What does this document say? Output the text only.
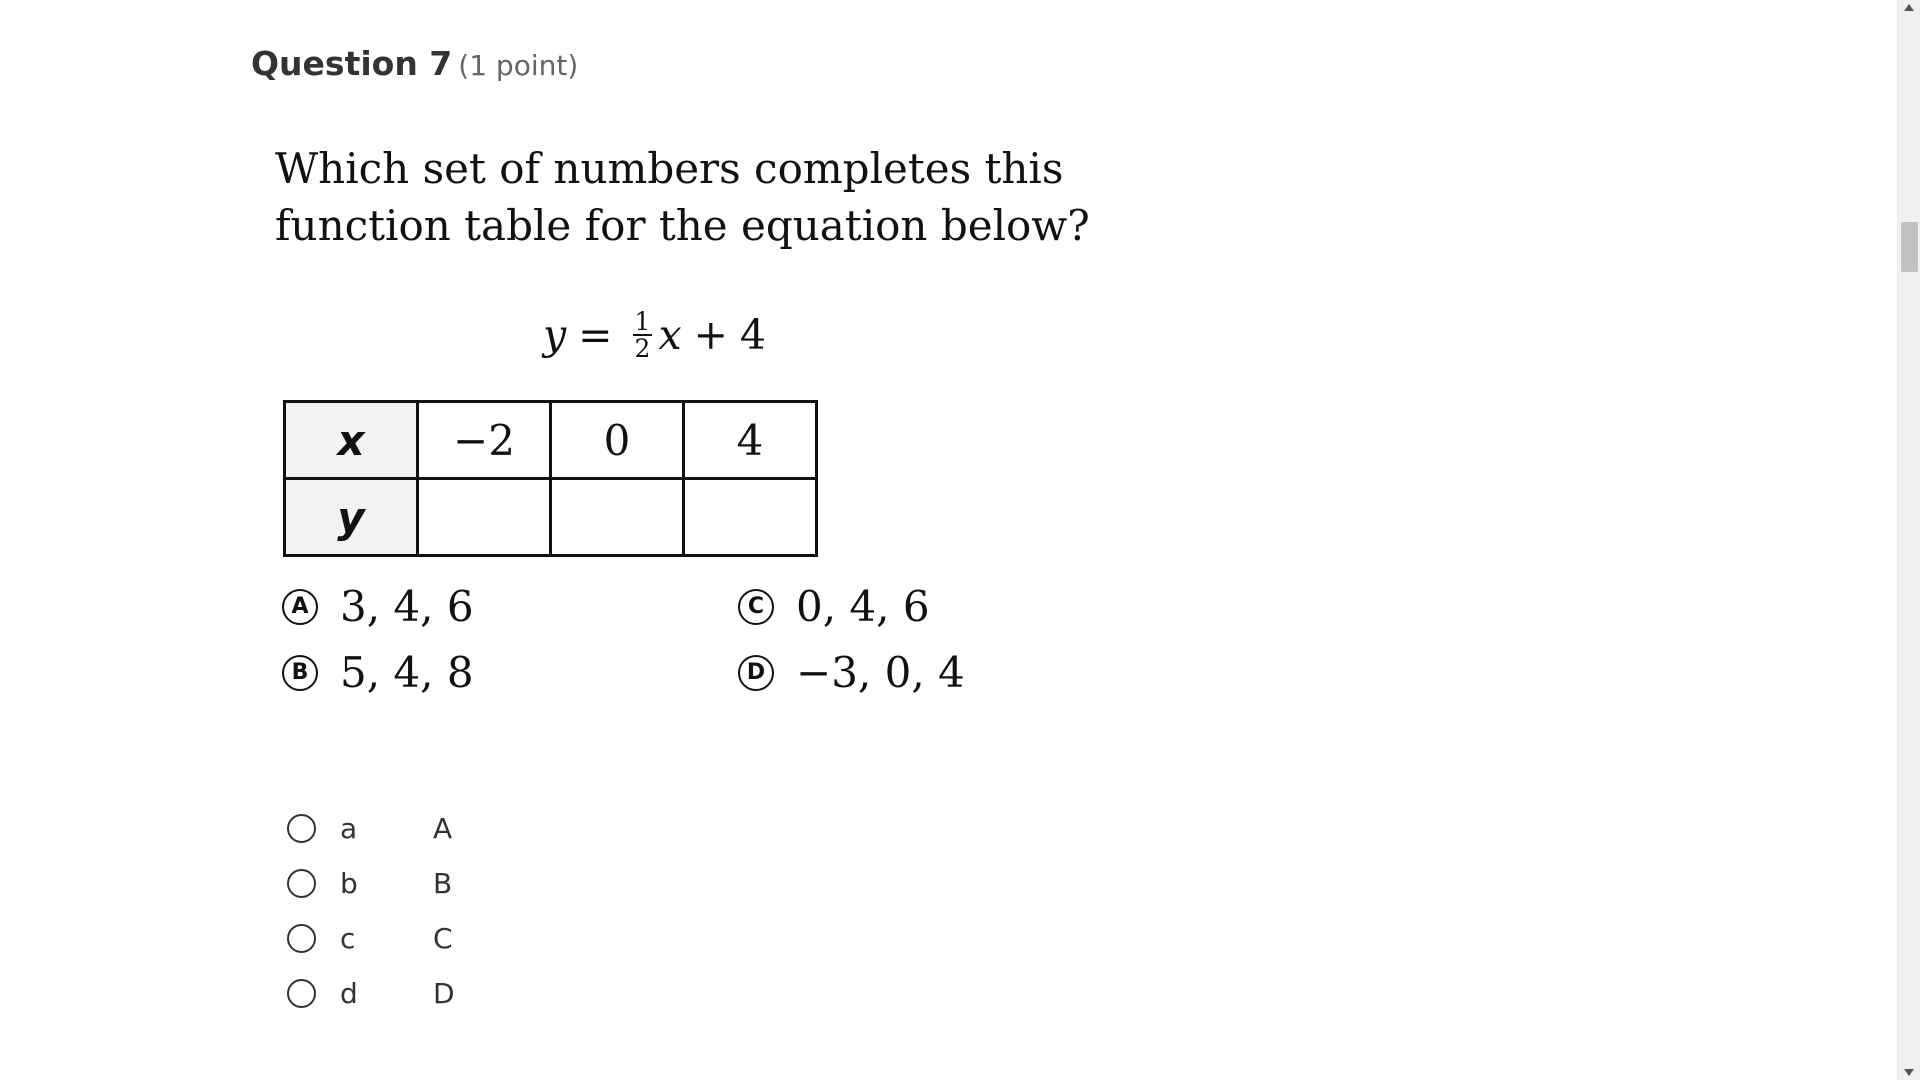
Question 7 (1 point)
Which set of numbers completes this
function table for the equation below?
$y = \frac{1}{2}$ x + 4
x	−2	0	4
y			
A 3, 4, 6
B 5, 4, 8
C 0, 4, 6
D −3, 0, 4
a	A
b	B
c	C
d	D
